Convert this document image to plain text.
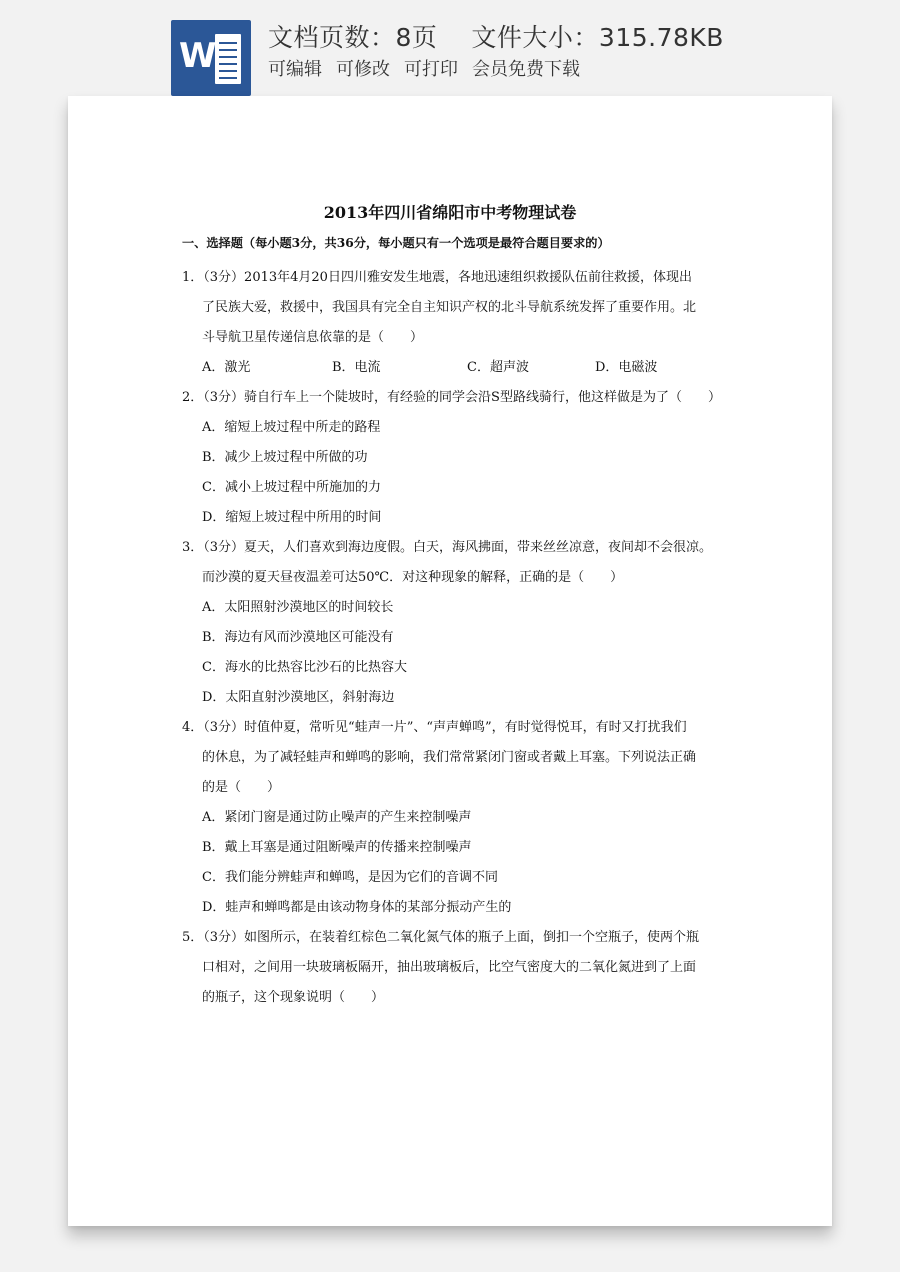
W 文档页数：8页 文件大小：315.78KB
可编辑 可修改 可打印 会员免费下载
2013年四川省绵阳市中考物理试卷
一、选择题（每小题3分，共36分，每小题只有一个选项是最符合题目要求的）
1．（3分）2013年4月20日四川雅安发生地震，各地迅速组织救援队伍前往救援，体现出
了民族大爱，救援中，我国具有完全自主知识产权的北斗导航系统发挥了重要作用。北
斗导航卫星传递信息依靠的是（　　）
A．激光	B．电流	C．超声波	D．电磁波
2．（3分）骑自行车上一个陡坡时，有经验的同学会沿S型路线骑行，他这样做是为了（　　）
A．缩短上坡过程中所走的路程
B．减少上坡过程中所做的功
C．减小上坡过程中所施加的力
D．缩短上坡过程中所用的时间
3．（3分）夏天，人们喜欢到海边度假。白天，海风拂面，带来丝丝凉意，夜间却不会很凉。
而沙漠的夏天昼夜温差可达50℃．对这种现象的解释，正确的是（　　）
A．太阳照射沙漠地区的时间较长
B．海边有风而沙漠地区可能没有
C．海水的比热容比沙石的比热容大
D．太阳直射沙漠地区，斜射海边
4．（3分）时值仲夏，常听见“蛙声一片”、“声声蝉鸣”，有时觉得悦耳，有时又打扰我们
的休息，为了减轻蛙声和蝉鸣的影响，我们常常紧闭门窗或者戴上耳塞。下列说法正确
的是（　　）
A．紧闭门窗是通过防止噪声的产生来控制噪声
B．戴上耳塞是通过阻断噪声的传播来控制噪声
C．我们能分辨蛙声和蝉鸣，是因为它们的音调不同
D．蛙声和蝉鸣都是由该动物身体的某部分振动产生的
5．（3分）如图所示，在装着红棕色二氧化氮气体的瓶子上面，倒扣一个空瓶子，使两个瓶
口相对，之间用一块玻璃板隔开，抽出玻璃板后，比空气密度大的二氧化氮进到了上面
的瓶子，这个现象说明（　　）
